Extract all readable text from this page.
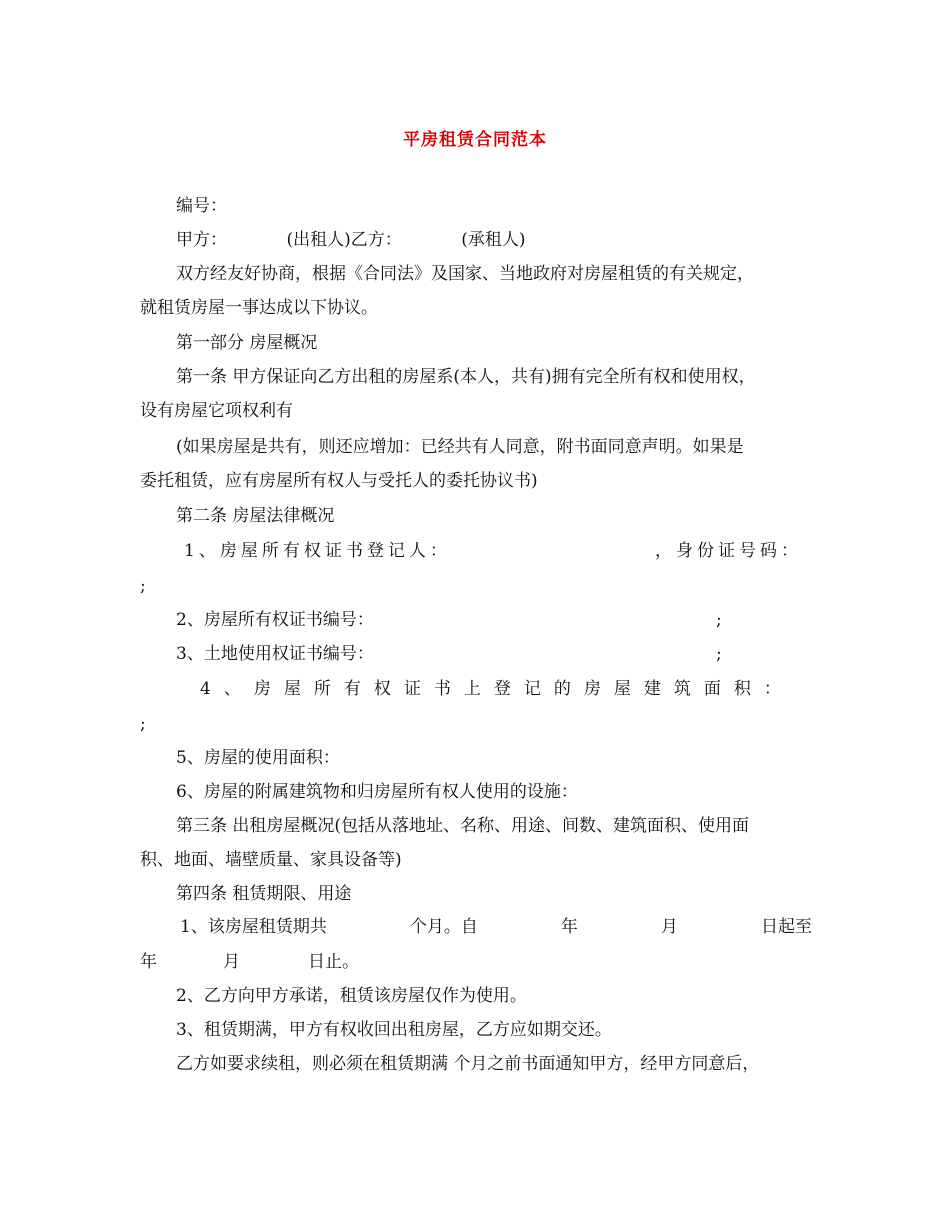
平房租赁合同范本
编号：
甲方：　　　　(出租人)乙方：　　　　(承租人)
双方经友好协商，根据《合同法》及国家、当地政府对房屋租赁的有关规定，
就租赁房屋一事达成以下协议。
第一部分 房屋概况
第一条 甲方保证向乙方出租的房屋系(本人，共有)拥有完全所有权和使用权，
设有房屋它项权利有
(如果房屋是共有，则还应增加：已经共有人同意，附书面同意声明。如果是
委托租赁，应有房屋所有权人与受托人的委托协议书)
第二条 房屋法律概况
1、房屋所有权证书登记人：	，身份证号码：
;
2、房屋所有权证书编号：	;
3、土地使用权证书编号：	;
4、房屋所有权证书上登记的房屋建筑面积：
;
5、房屋的使用面积：
6、房屋的附属建筑物和归房屋所有权人使用的设施：
第三条 出租房屋概况(包括从落地址、名称、用途、间数、建筑面积、使用面
积、地面、墙壁质量、家具设备等)
第四条 租赁期限、用途
1、该房屋租赁期共	个月。自	年	月	日起至
年	月	日止。
2、乙方向甲方承诺，租赁该房屋仅作为使用。
3、租赁期满，甲方有权收回出租房屋，乙方应如期交还。
乙方如要求续租，则必须在租赁期满 个月之前书面通知甲方，经甲方同意后，
